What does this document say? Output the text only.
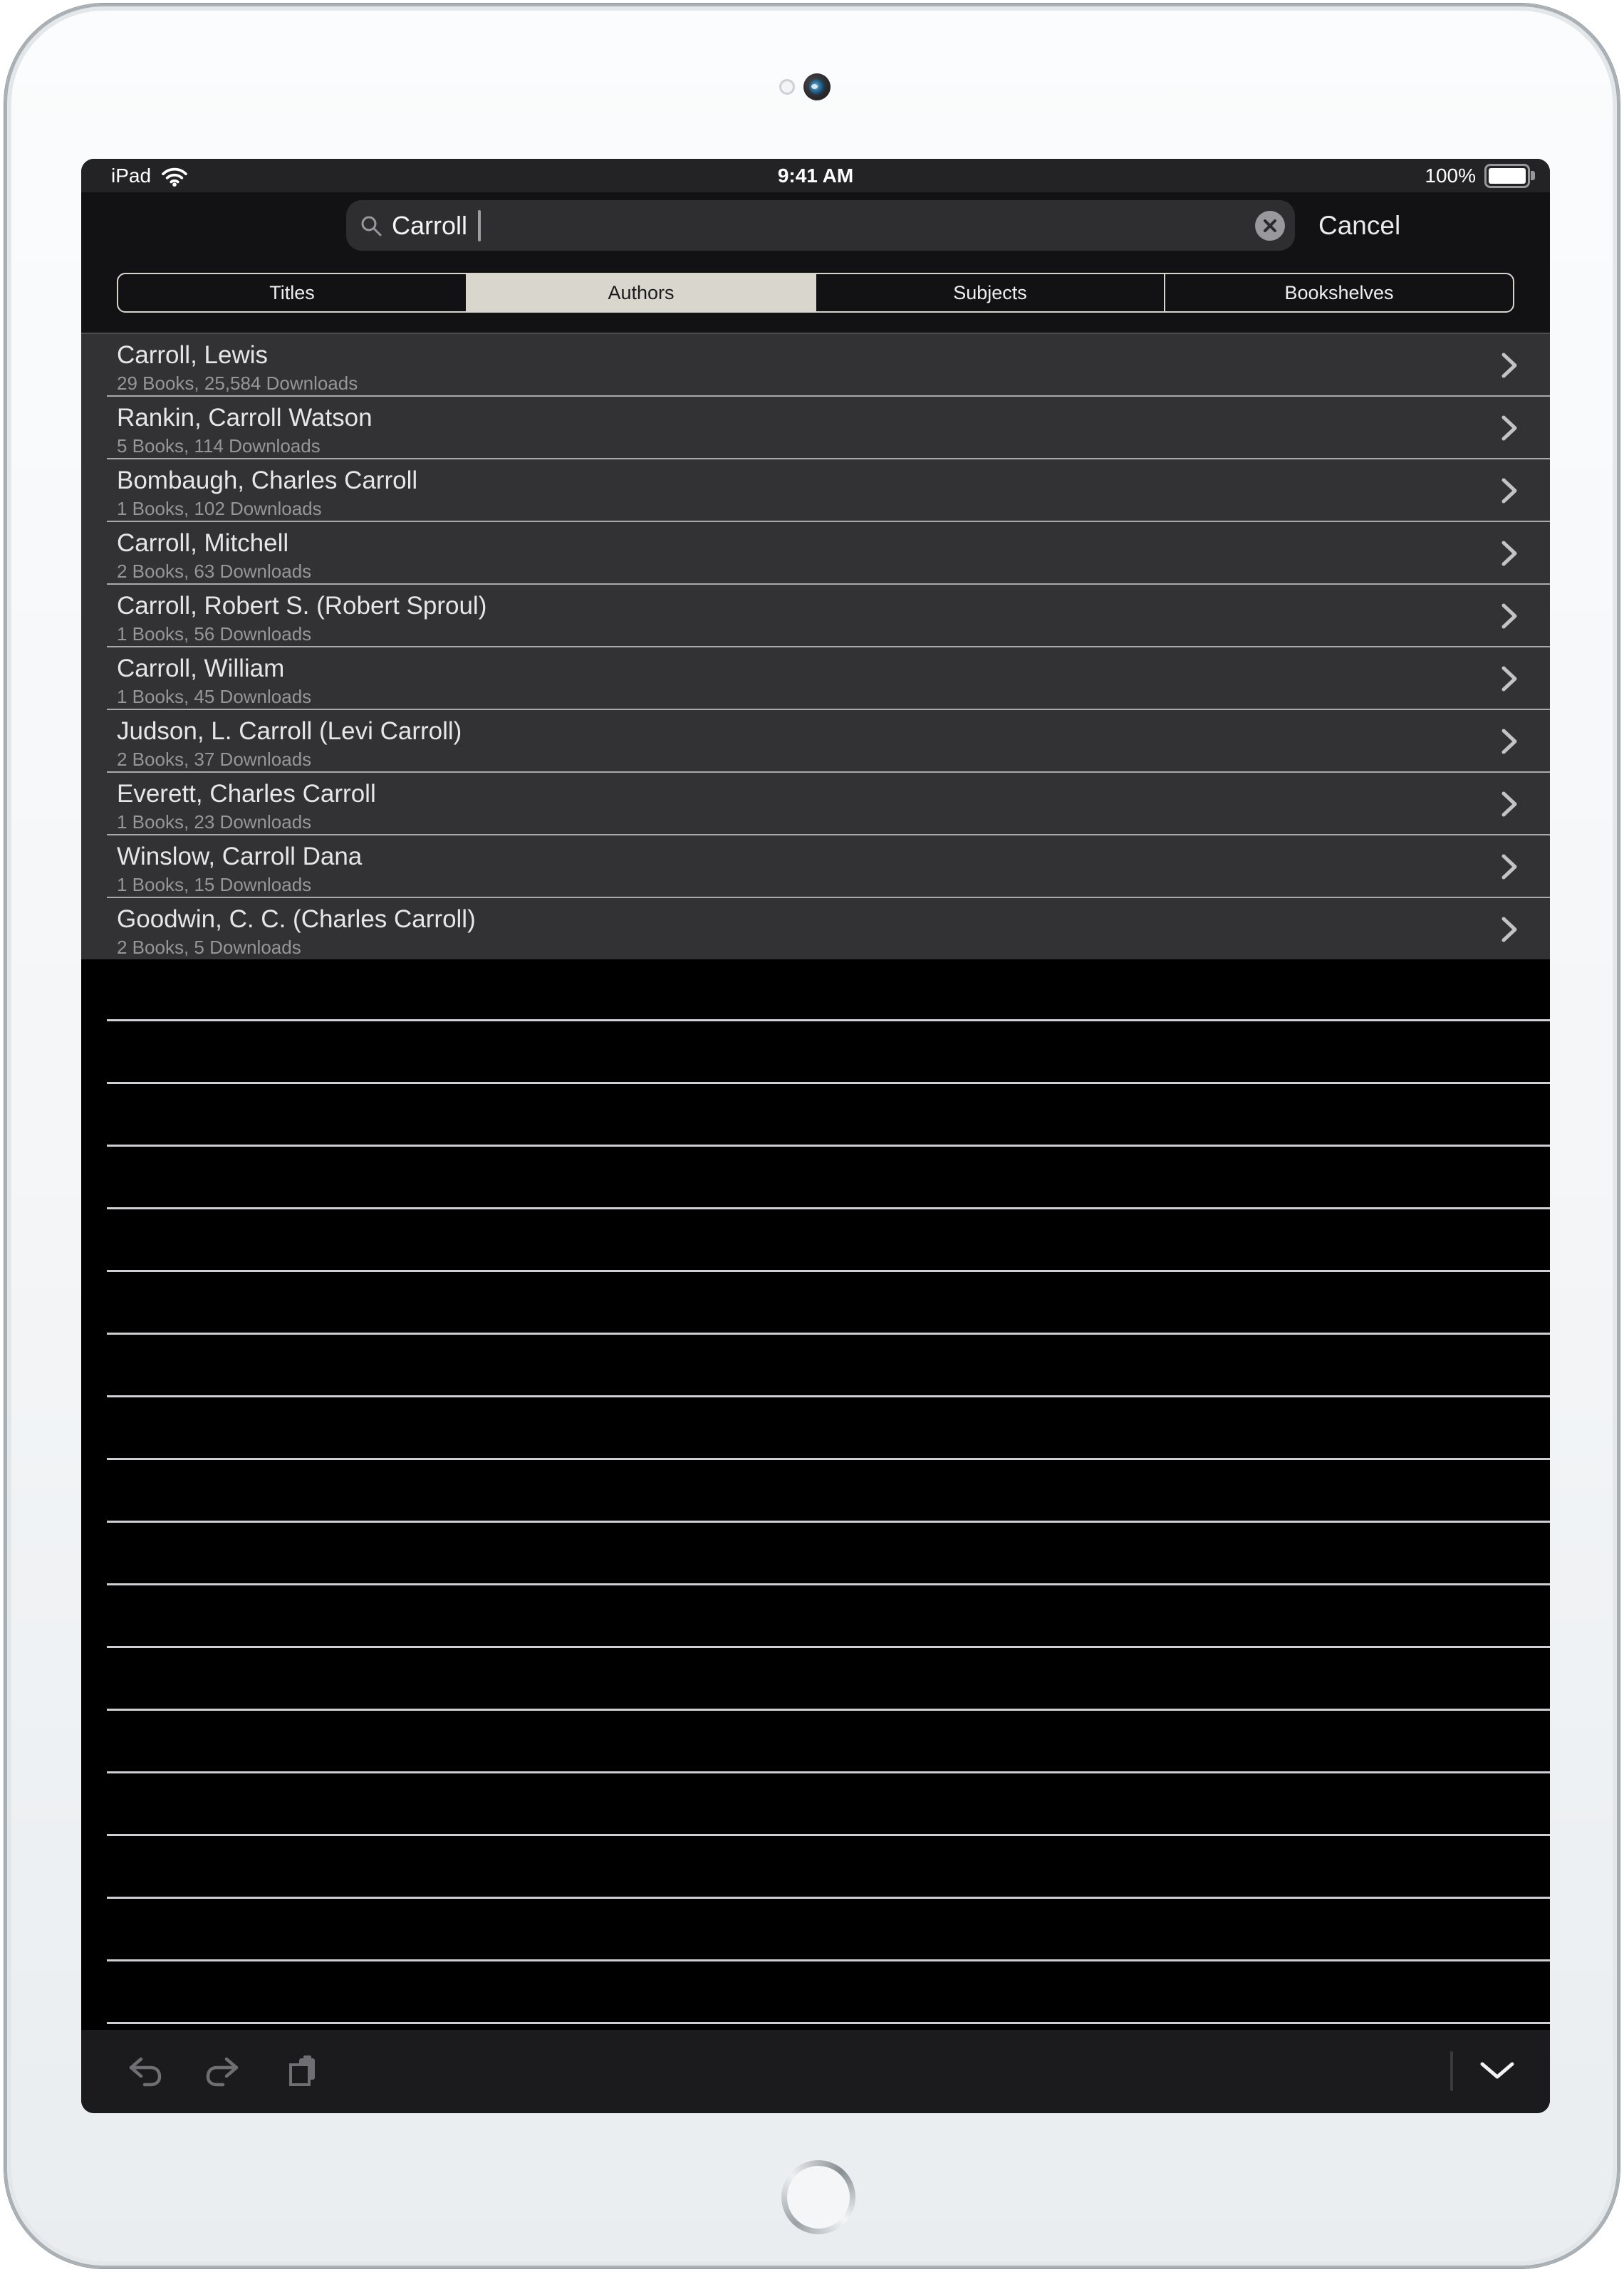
iPad	9:41 AM	100%
Carroll	Cancel
Titles	Authors	Subjects	Bookshelves
Carroll, Lewis
29 Books, 25,584 Downloads
Rankin, Carroll Watson
5 Books, 114 Downloads
Bombaugh, Charles Carroll
1 Books, 102 Downloads
Carroll, Mitchell
2 Books, 63 Downloads
Carroll, Robert S. (Robert Sproul)
1 Books, 56 Downloads
Carroll, William
1 Books, 45 Downloads
Judson, L. Carroll (Levi Carroll)
2 Books, 37 Downloads
Everett, Charles Carroll
1 Books, 23 Downloads
Winslow, Carroll Dana
1 Books, 15 Downloads
Goodwin, C. C. (Charles Carroll)
2 Books, 5 Downloads
